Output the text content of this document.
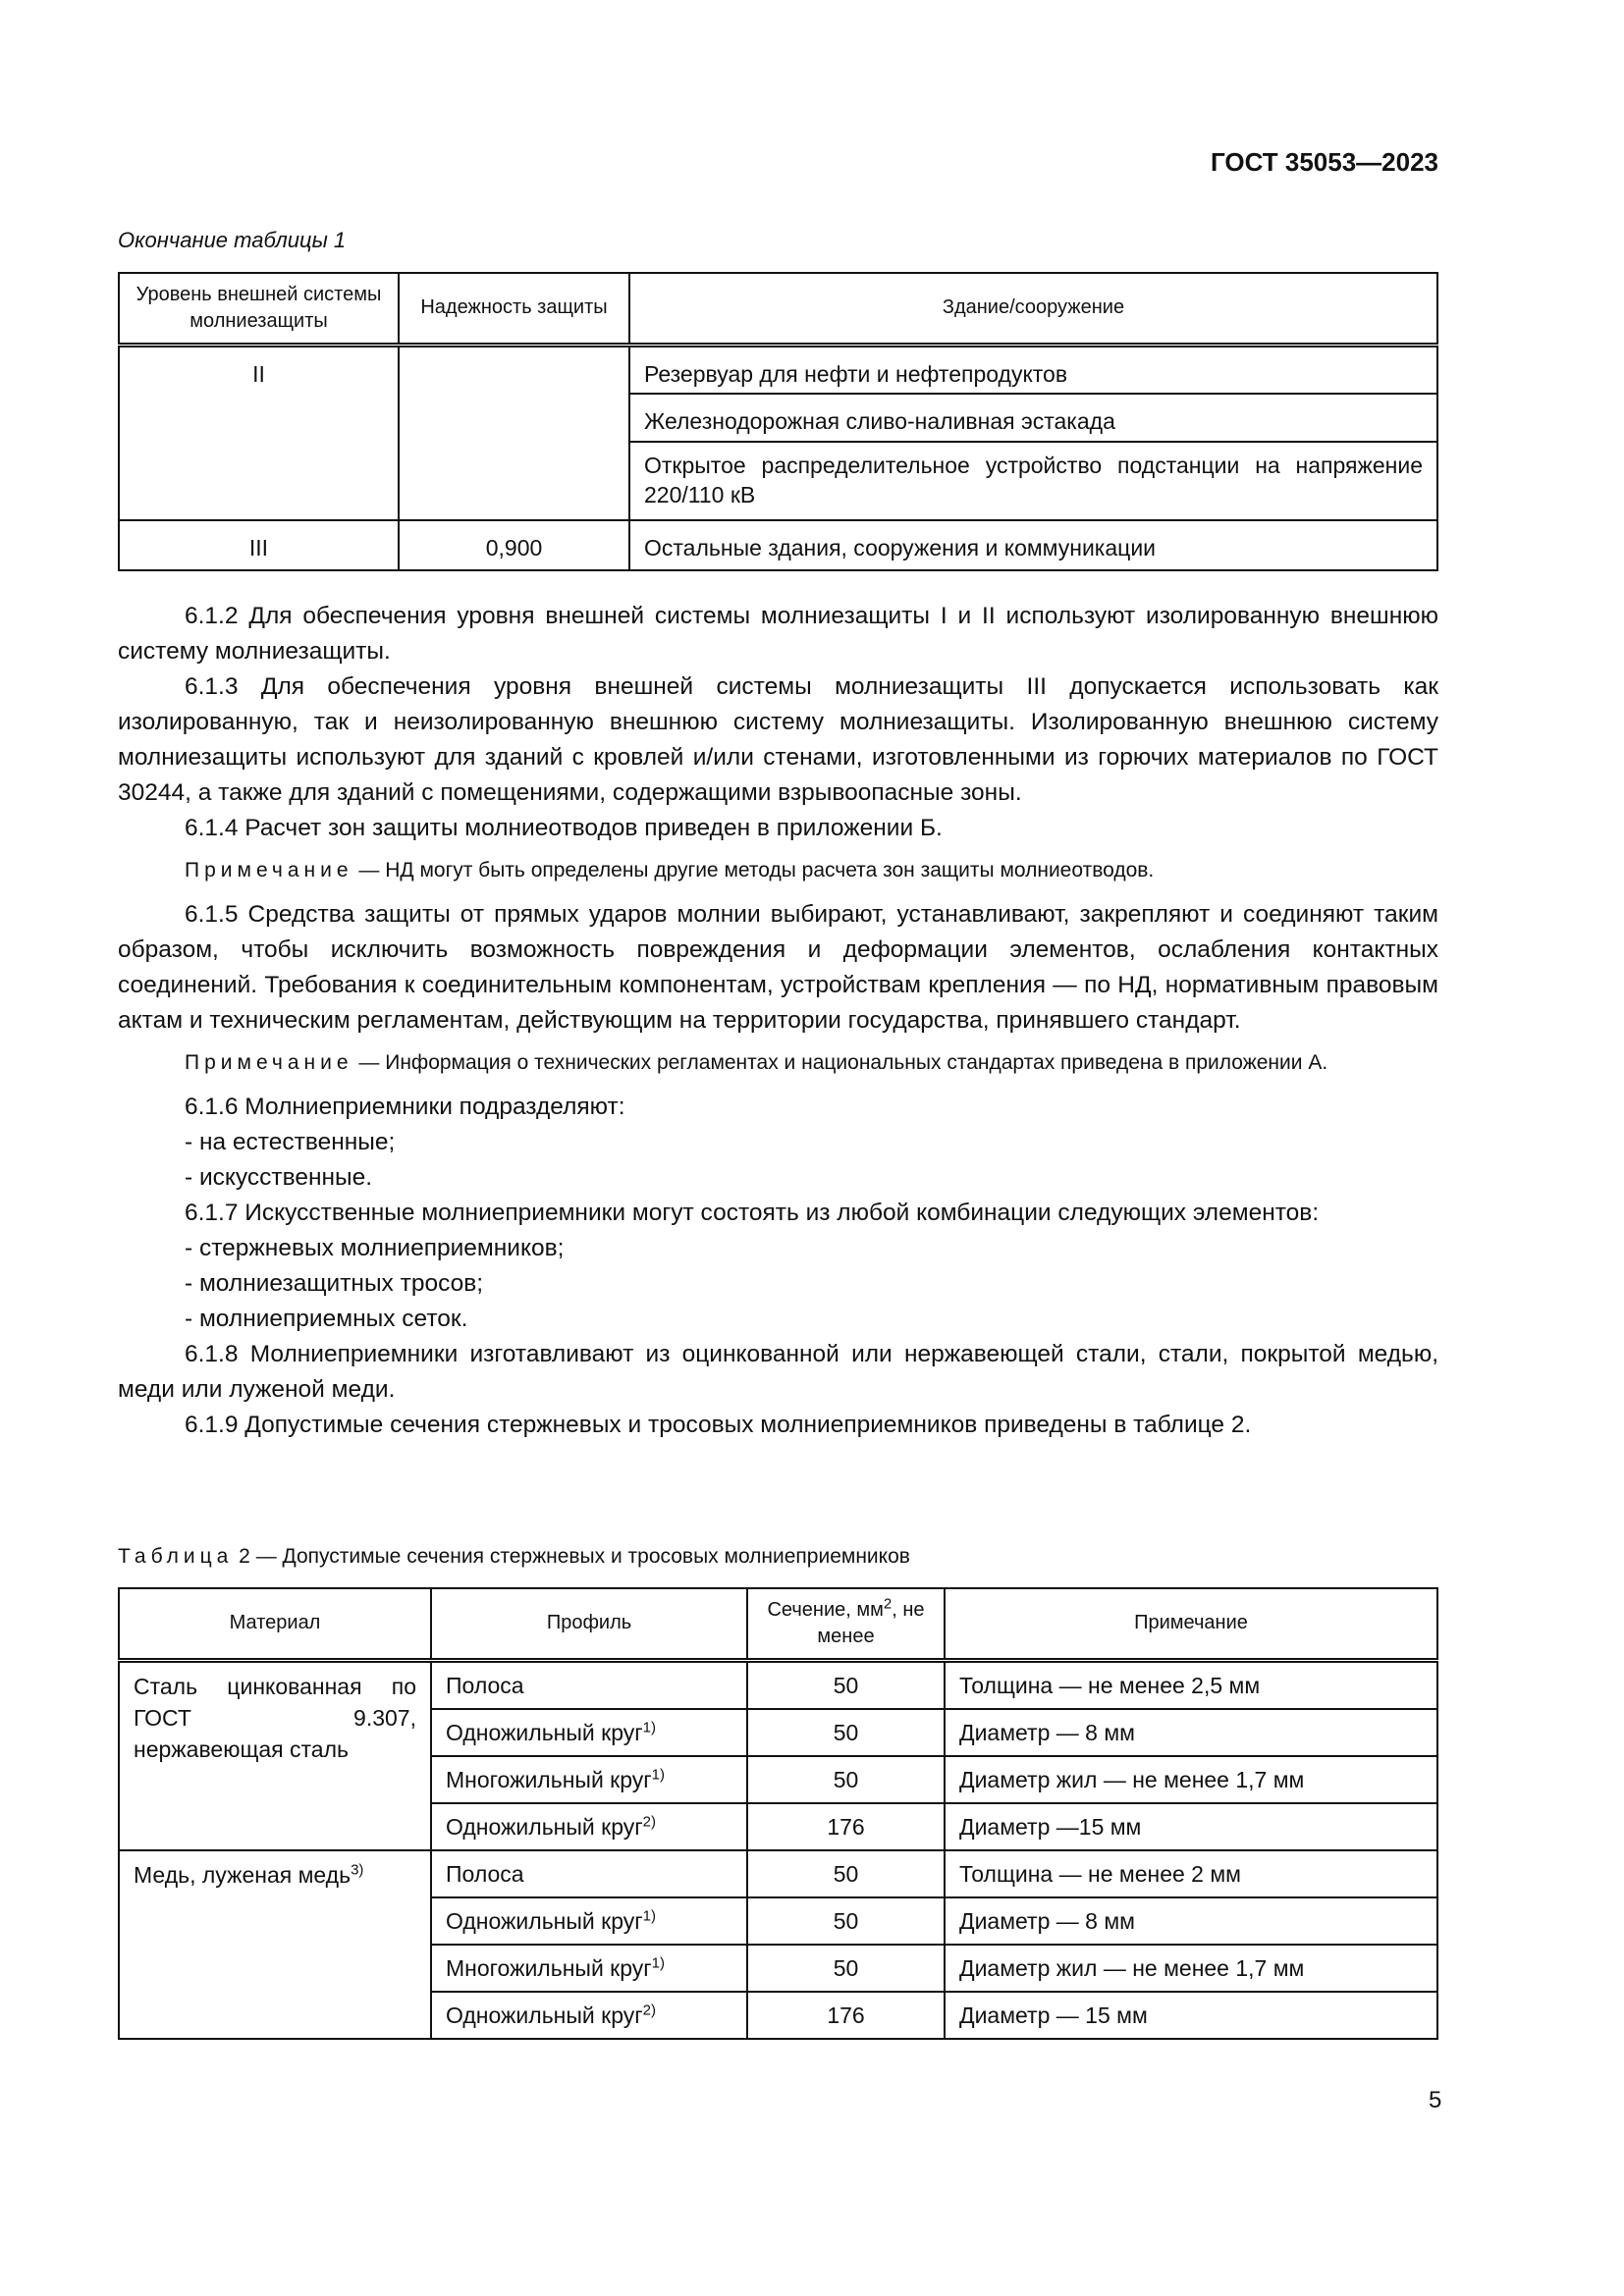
ГОСТ 35053—2023
Окончание таблицы 1
Уровень внешней системы молниезащиты	Надежность защиты	Здание/сооружение
II		Резервуар для нефти и нефтепродуктов
		Железнодорожная сливо-наливная эстакада
		Открытое распределительное устройство подстанции на напряжение 220/110 кВ
III	0,900	Остальные здания, сооружения и коммуникации

6.1.2 Для обеспечения уровня внешней системы молниезащиты I и II используют изолированную внешнюю систему молниезащиты.

6.1.3 Для обеспечения уровня внешней системы молниезащиты III допускается использовать как изолированную, так и неизолированную внешнюю систему молниезащиты. Изолированную внешнюю систему молниезащиты используют для зданий с кровлей и/или стенами, изготовленными из горючих материалов по ГОСТ 30244, а также для зданий с помещениями, содержащими взрывоопасные зоны.

6.1.4 Расчет зон защиты молниеотводов приведен в приложении Б.

Примечание — НД могут быть определены другие методы расчета зон защиты молниеотводов.

6.1.5 Средства защиты от прямых ударов молнии выбирают, устанавливают, закрепляют и соединяют таким образом, чтобы исключить возможность повреждения и деформации элементов, ослабления контактных соединений. Требования к соединительным компонентам, устройствам крепления — по НД, нормативным правовым актам и техническим регламентам, действующим на территории государства, принявшего стандарт.

Примечание — Информация о технических регламентах и национальных стандартах приведена в приложении А.

6.1.6 Молниеприемники подразделяют:

- на естественные;

- искусственные.

6.1.7 Искусственные молниеприемники могут состоять из любой комбинации следующих элементов:

- стержневых молниеприемников;

- молниезащитных тросов;

- молниеприемных сеток.

6.1.8 Молниеприемники изготавливают из оцинкованной или нержавеющей стали, стали, покрытой медью, меди или луженой меди.

6.1.9 Допустимые сечения стержневых и тросовых молниеприемников приведены в таблице 2.

Таблица 2 — Допустимые сечения стержневых и тросовых молниеприемников
Материал	Профиль	Сечение, $мм^2$, не менее	Примечание
Сталь цинкованная по ГОСТ 9.307, нержавеющая сталь	Полоса	50	Толщина — не менее 2,5 мм
	Одножильный круг$^{1)}$	50	Диаметр — 8 мм
	Многожильный круг$^{1)}$	50	Диаметр жил — не менее 1,7 мм
	Одножильный круг$^{2)}$	176	Диаметр —15 мм
Медь, луженая медь$^{3)}$	Полоса	50	Толщина — не менее 2 мм
	Одножильный круг$^{1)}$	50	Диаметр — 8 мм
	Многожильный круг$^{1)}$	50	Диаметр жил — не менее 1,7 мм
	Одножильный круг$^{2)}$	176	Диаметр — 15 мм
5
